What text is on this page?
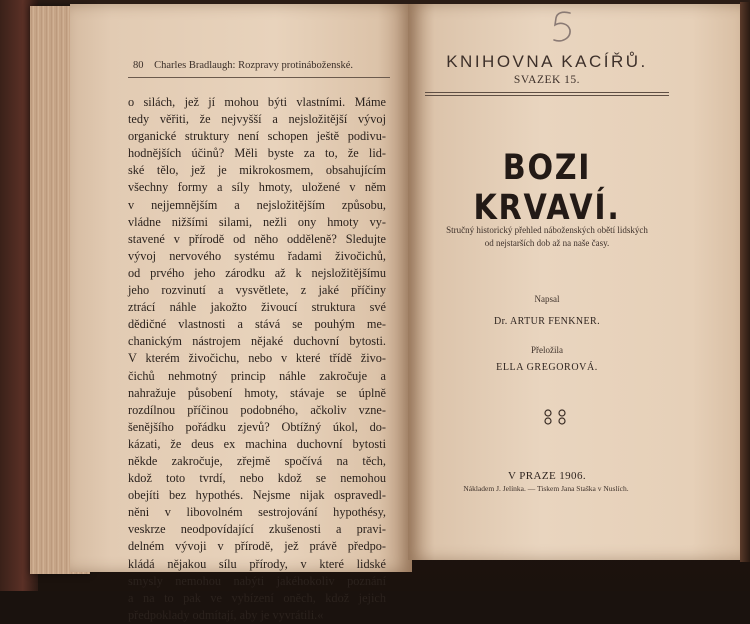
80 Charles Bradlaugh: Rozpravy protináboženské.
o silách, jež jí mohou býti vlastními. Máme
tedy věřiti, že nejvyšší a nejsložitější vývoj
organické struktury není schopen ještě podivu-
hodnějších účinů? Měli byste za to, že lid-
ské tělo, jež je mikrokosmem, obsahujícím
všechny formy a síly hmoty, uložené v něm
v nejjemnějším a nejsložitějším způsobu,
vládne nižšími silami, nežli ony hmoty vy-
stavené v přírodě od něho odděleně? Sledujte
vývoj nervového systému řadami živočichů,
od prvého jeho zárodku až k nejsložitějšímu
jeho rozvinutí a vysvětlete, z jaké příčiny
ztrácí náhle jakožto živoucí struktura své
dědičné vlastnosti a stává se pouhým me-
chanickým nástrojem nějaké duchovní bytosti.
V kterém živočichu, nebo v které třídě živo-
čichů nehmotný princip náhle zakročuje a
nahražuje působení hmoty, stávaje se úplně
rozdílnou příčinou podobného, ačkoliv vzne-
šenějšího pořádku zjevů? Obtížný úkol, do-
kázati, že deus ex machina duchovní bytosti
někde zakročuje, zřejmě spočívá na těch,
kdož toto tvrdí, nebo kdož se nemohou
obejíti bez hypothés. Nejsme nijak ospravedl-
něni v libovolném sestrojování hypothésy,
veskrze neodpovídající zkušenosti a pravi-
delném vývoji v přírodě, jež právě předpo-
kládá nějakou sílu přírody, v které lidské
smysly nemohou nabýti jakéhokoliv poznání
a na to pak ve vybízení oněch, kdož jejich
předpoklady odmítají, aby je vyvrátili.«
KNIHOVNA KACÍŘŮ.
SVAZEK 15.
BOZI KRVAVÍ.
Stručný historický přehled náboženských obětí lidských
od nejstarších dob až na naše časy.
Napsal
Dr. ARTUR FENKNER.
Přeložila
ELLA GREGOROVÁ.
V PRAZE 1906.
Nákladem J. Jelínka. — Tiskem Jana Staška v Nuslích.
